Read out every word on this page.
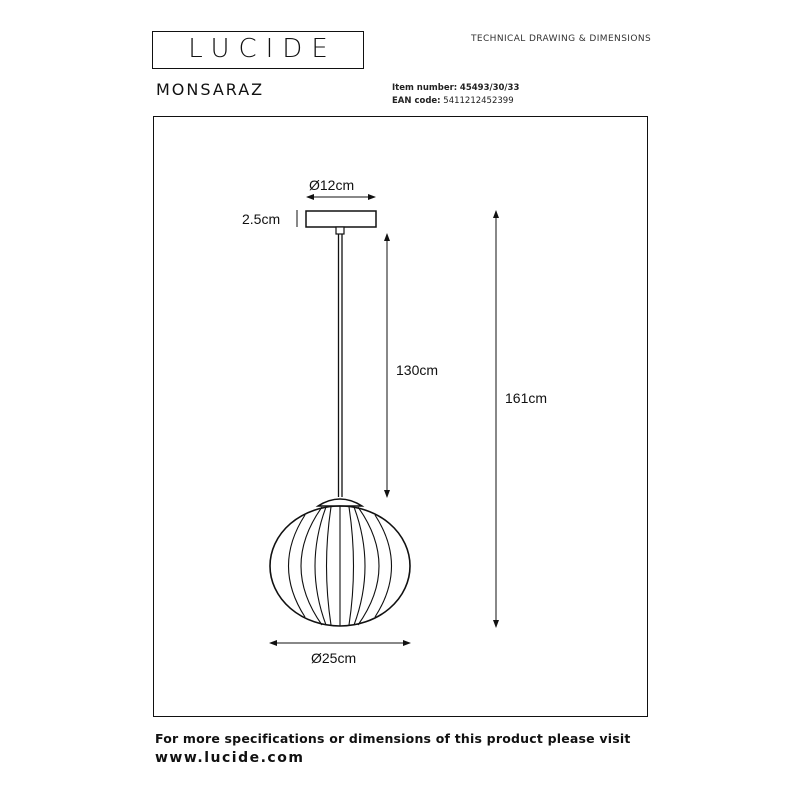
LUCIDE	TECHNICAL DRAWING & DIMENSIONS
MONSARAZ	Item number: 45493/30/33
EAN code: 5411212452399
Ø12cm
2.5cm
130cm
161cm
Ø25cm
For more specifications or dimensions of this product please visit
www.lucide.com
